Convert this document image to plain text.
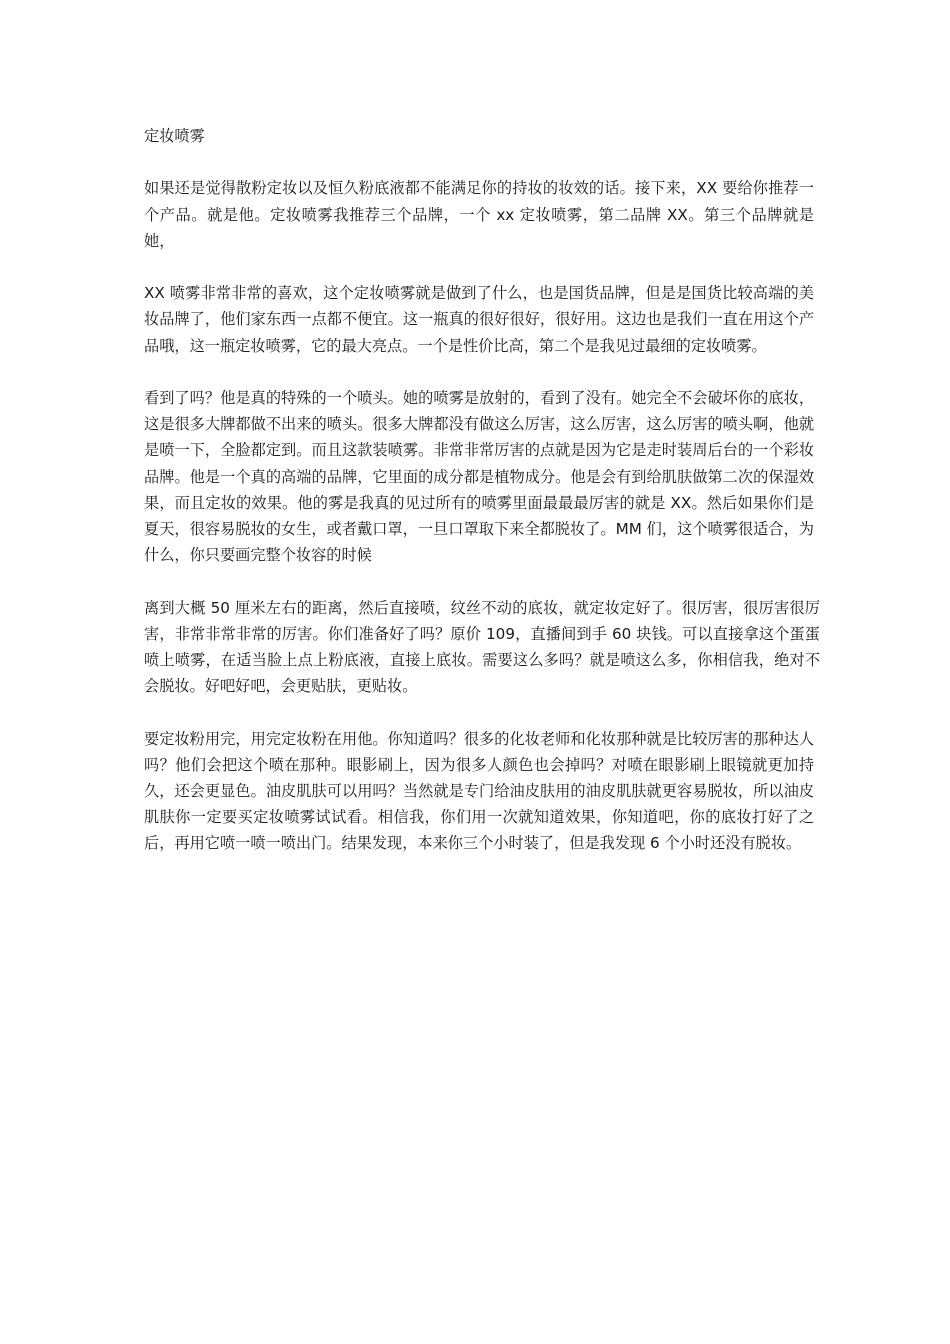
定妆喷雾
如果还是觉得散粉定妆以及恒久粉底液都不能满足你的持妆的妆效的话。接下来，XX 要给你推荐一个产品。就是他。定妆喷雾我推荐三个品牌，一个 xx 定妆喷雾，第二品牌 XX。第三个品牌就是她，
XX 喷雾非常非常的喜欢，这个定妆喷雾就是做到了什么，也是国货品牌，但是是国货比较高端的美妆品牌了，他们家东西一点都不便宜。这一瓶真的很好很好，很好用。这边也是我们一直在用这个产品哦，这一瓶定妆喷雾，它的最大亮点。一个是性价比高，第二个是我见过最细的定妆喷雾。
看到了吗？他是真的特殊的一个喷头。她的喷雾是放射的，看到了没有。她完全不会破坏你的底妆，这是很多大牌都做不出来的喷头。很多大牌都没有做这么厉害，这么厉害，这么厉害的喷头啊，他就是喷一下，全脸都定到。而且这款装喷雾。非常非常厉害的点就是因为它是走时装周后台的一个彩妆品牌。他是一个真的高端的品牌，它里面的成分都是植物成分。他是会有到给肌肤做第二次的保湿效果，而且定妆的效果。他的雾是我真的见过所有的喷雾里面最最最厉害的就是 XX。然后如果你们是夏天，很容易脱妆的女生，或者戴口罩，一旦口罩取下来全都脱妆了。MM 们，这个喷雾很适合，为什么，你只要画完整个妆容的时候
离到大概 50 厘米左右的距离，然后直接喷，纹丝不动的底妆，就定妆定好了。很厉害，很厉害很厉害，非常非常非常的厉害。你们准备好了吗？原价 109，直播间到手 60 块钱。可以直接拿这个蛋蛋喷上喷雾，在适当脸上点上粉底液，直接上底妆。需要这么多吗？就是喷这么多，你相信我，绝对不会脱妆。好吧好吧，会更贴肤，更贴妆。
要定妆粉用完，用完定妆粉在用他。你知道吗？很多的化妆老师和化妆那种就是比较厉害的那种达人吗？他们会把这个喷在那种。眼影刷上，因为很多人颜色也会掉吗？对喷在眼影刷上眼镜就更加持久，还会更显色。油皮肌肤可以用吗？当然就是专门给油皮肤用的油皮肌肤就更容易脱妆，所以油皮肌肤你一定要买定妆喷雾试试看。相信我，你们用一次就知道效果，你知道吧，你的底妆打好了之后，再用它喷一喷一喷出门。结果发现，本来你三个小时装了，但是我发现 6 个小时还没有脱妆。
